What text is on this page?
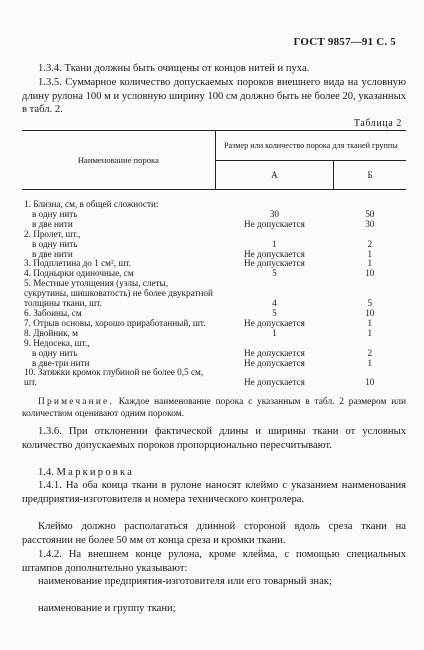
ГОСТ 9857—91 С. 5

1.3.4. Ткани должны быть очищены от концов нитей и пуха.

1.3.5. Суммарное количество допускаемых пороков внешнего вида на условную длину рулона 100 м и условную ширину 100 см должно быть не более 20, указанных в табл. 2.

Таблица 2
Наименование порока	Размер или количество порока для тканей группы	
	А	Б
1. Близна, см, в общей сложности:		
в одну нить	30	50
в две нити	Не допускается	30
2. Пролет, шт.,		
в одну нить	1	2
в две нити	Не допускается	1
3. Подплетина до 1 см², шт.	Не допускается	1
4. Поднырки одиночные, см	5	10
5. Местные утолщения (узлы, слеты, сукрутины, шишковатость) не более двукратной толщины ткани, шт.	4	5
6. Забоины, см	5	10
7. Отрыв основы, хорошо приработанный, шт.	Не допускается	1
8. Двойник, м	1	1
9. Недосека, шт.,		
в одну нить	Не допускается	2
в две-три нити	Не допускается	1
10. Затяжки кромок глубиной не более 0,5 см, шт.	Не допускается	10

Примечание. Каждое наименование порока с указанным в табл. 2 размером или количеством оценивают одним пороком.

1.3.6. При отклонении фактической длины и ширины ткани от условных количество допускаемых пороков пропорционально пересчитывают.

1.4. Маркировка

1.4.1. На оба конца ткани в рулоне наносят клеймо с указанием наименования предприятия-изготовителя и номера технического контролера.

Клеймо должно располагаться длинной стороной вдоль среза ткани на расстоянии не более 50 мм от конца среза и кромки ткани.

1.4.2. На внешнем конце рулона, кроме клейма, с помощью специальных штампов дополнительно указывают:

наименование предприятия-изготовителя или его товарный знак;

наименование и группу ткани;
